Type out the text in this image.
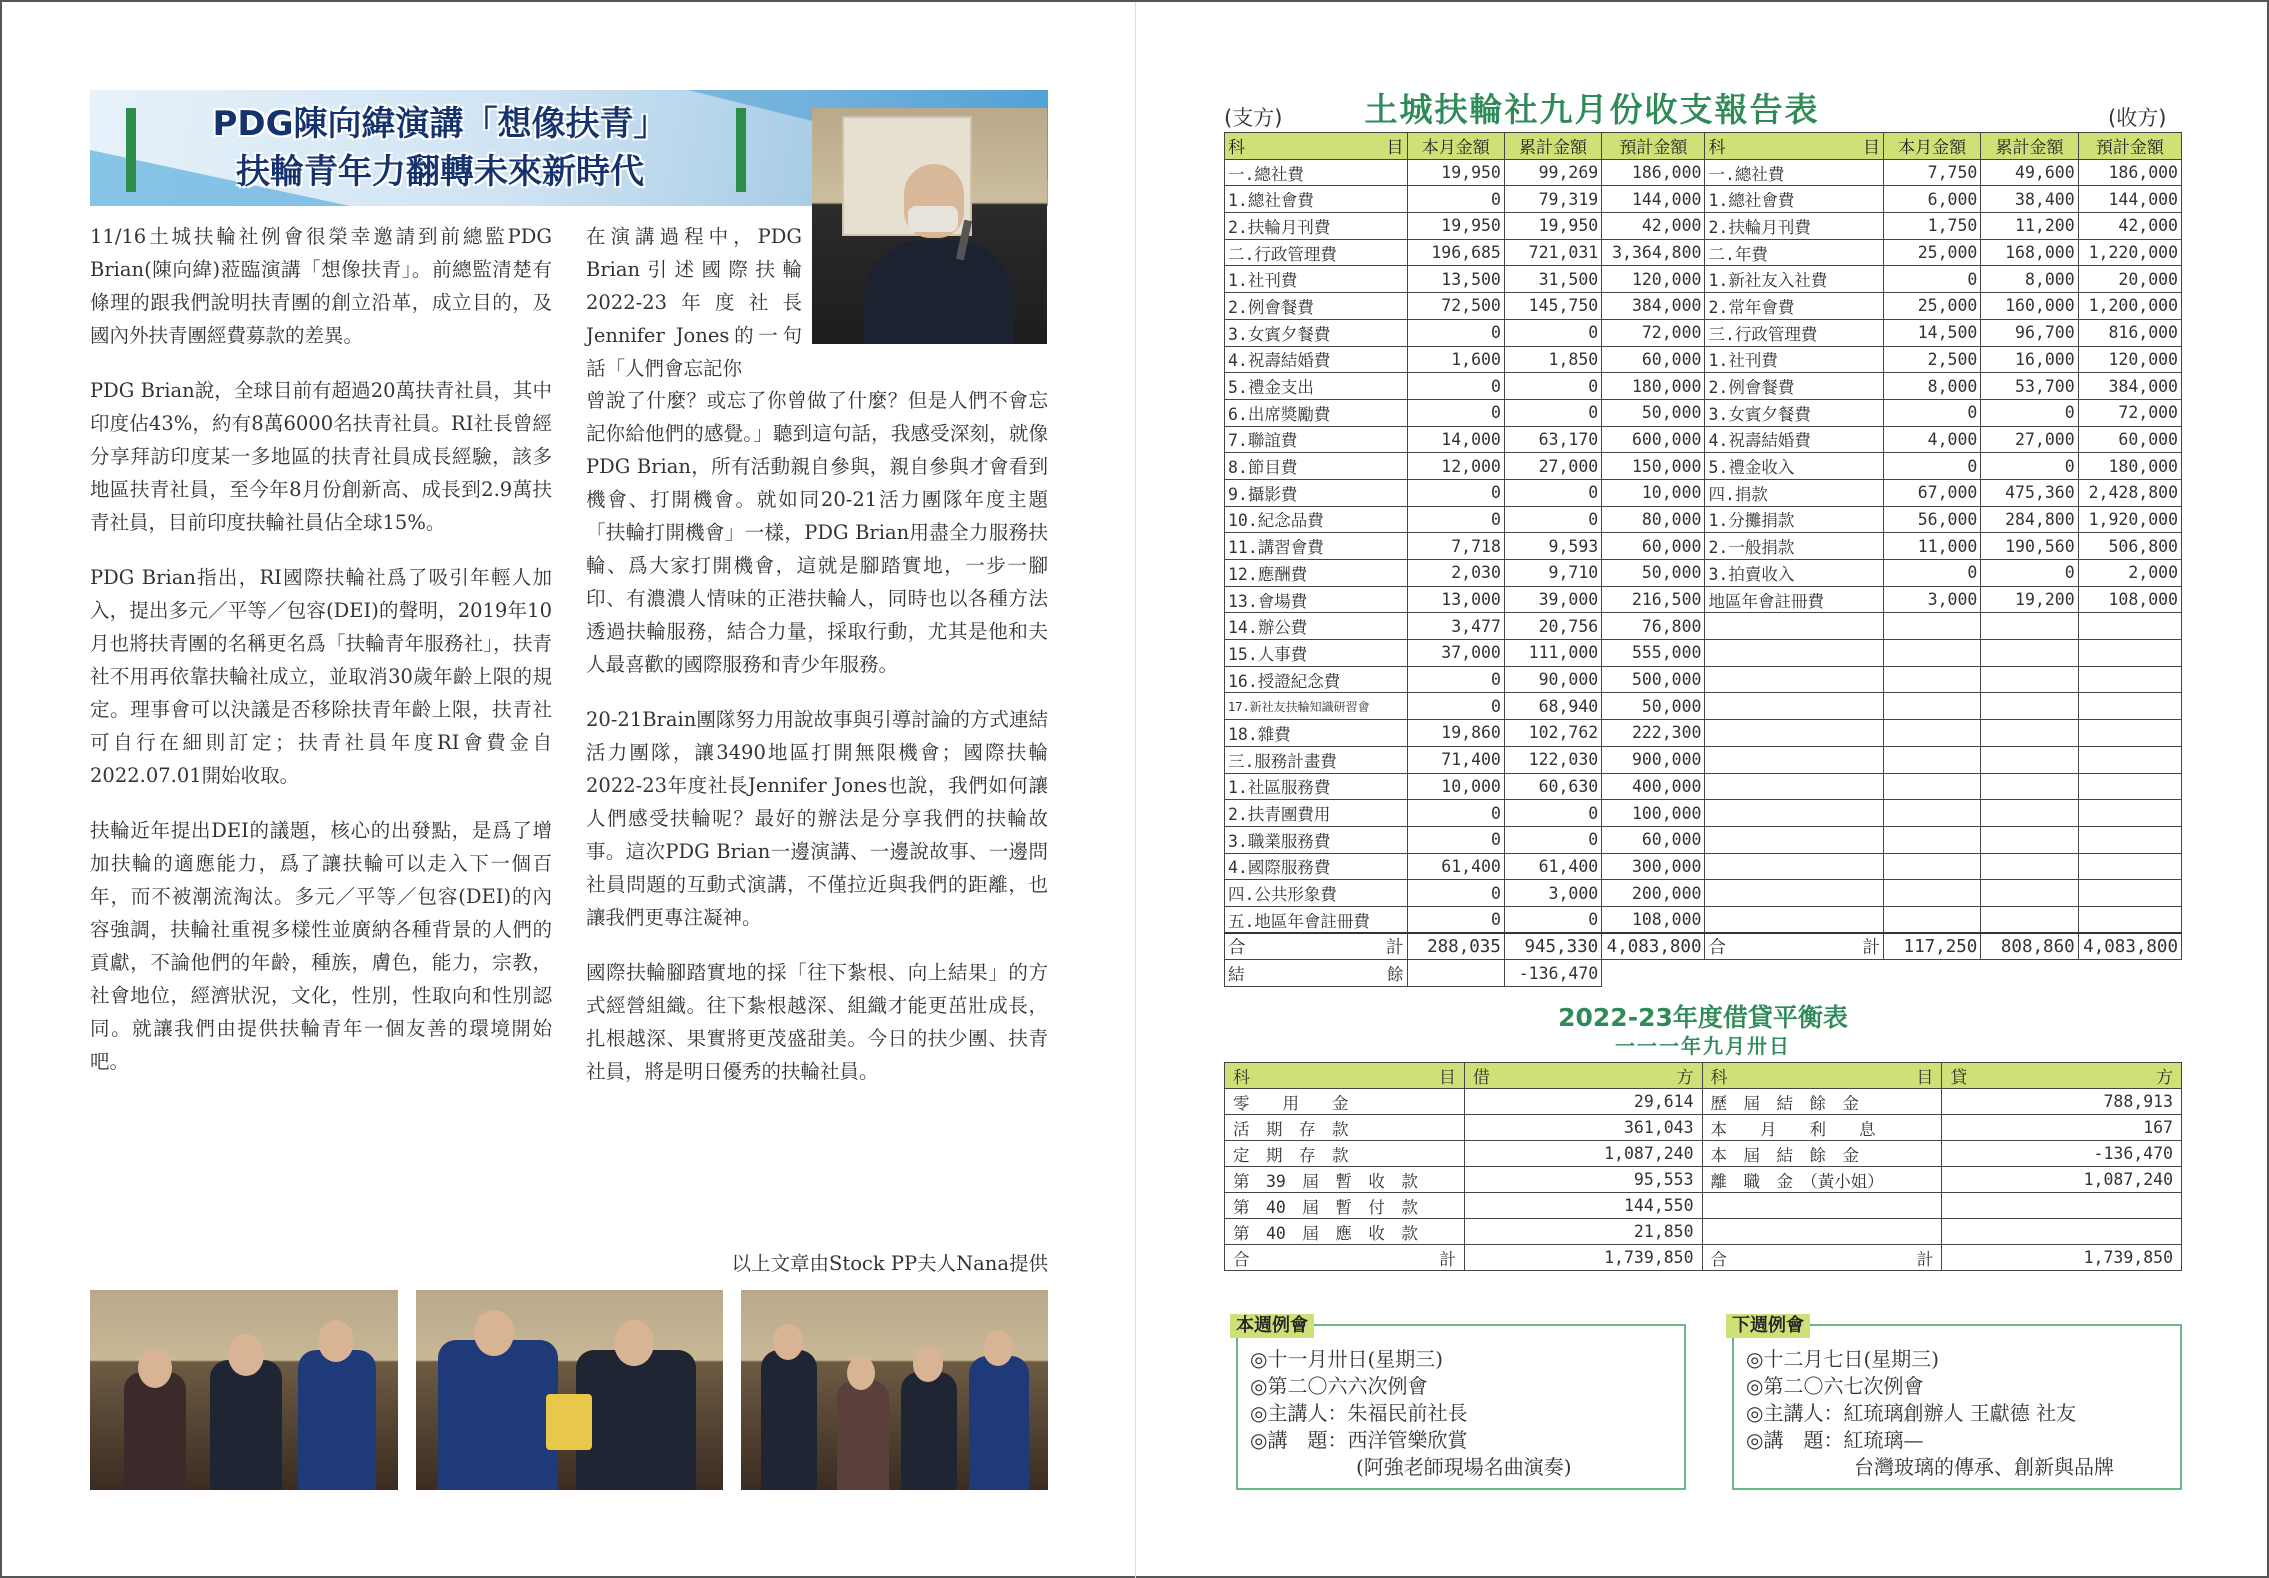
PDG陳向緯演講「想像扶青」
扶輪青年力翻轉未來新時代

11/16土城扶輪社例會很榮幸邀請到前總監PDG Brian(陳向緯)蒞臨演講「想像扶青」。前總監清楚有條理的跟我們說明扶青團的創立沿革，成立目的，及國內外扶青團經費募款的差異。

PDG Brian說，全球目前有超過20萬扶青社員，其中印度佔43%，約有8萬6000名扶青社員。RI社長曾經分享拜訪印度某一多地區的扶青社員成長經驗，該多地區扶青社員，至今年8月份創新高、成長到2.9萬扶青社員，目前印度扶輪社員佔全球15%。

PDG Brian指出，RI國際扶輪社爲了吸引年輕人加入，提出多元／平等／包容(DEI)的聲明，2019年10月也將扶青團的名稱更名爲「扶輪青年服務社」，扶青社不用再依靠扶輪社成立，並取消30歲年齡上限的規定。理事會可以決議是否移除扶青年齡上限，扶青社可自行在細則訂定；扶青社員年度RI會費金自2022.07.01開始收取。

扶輪近年提出DEI的議題，核心的出發點，是爲了增加扶輪的適應能力，爲了讓扶輪可以走入下一個百年，而不被潮流淘汰。多元／平等／包容(DEI)的內容強調，扶輪社重視多樣性並廣納各種背景的人們的貢獻，不論他們的年齡，種族，膚色，能力，宗教，社會地位，經濟狀況，文化，性別，性取向和性別認同。就讓我們由提供扶輪青年一個友善的環境開始吧。

在演講過程中，PDG Brian引述國際扶輪2022-23年度社長Jennifer Jones的一句話「人們會忘記你

曾說了什麼？或忘了你曾做了什麼？但是人們不會忘記你給他們的感覺。」聽到這句話，我感受深刻，就像PDG Brian，所有活動親自參與，親自參與才會看到機會、打開機會。就如同20-21活力團隊年度主題「扶輪打開機會」一樣，PDG Brian用盡全力服務扶輪、爲大家打開機會，這就是腳踏實地，一步一腳印、有濃濃人情味的正港扶輪人，同時也以各種方法透過扶輪服務，結合力量，採取行動，尤其是他和夫人最喜歡的國際服務和青少年服務。

20-21Brain團隊努力用說故事與引導討論的方式連結活力團隊，讓3490地區打開無限機會；國際扶輪2022-23年度社長Jennifer Jones也說，我們如何讓人們感受扶輪呢？最好的辦法是分享我們的扶輪故事。這次PDG Brian一邊演講、一邊說故事、一邊問社員問題的互動式演講，不僅拉近與我們的距離，也讓我們更專注凝神。

國際扶輪腳踏實地的採「往下紮根、向上結果」的方式經營組織。往下紮根越深、組織才能更茁壯成長，扎根越深、果實將更茂盛甜美。今日的扶少團、扶青社員，將是明日優秀的扶輪社員。

以上文章由Stock PP夫人Nana提供
(支方)	土城扶輪社九月份收支報告表	(收方)
科 目	本月金額	累計金額	預計金額	科 目	本月金額	累計金額	預計金額
一.總社費	19,950	99,269	186,000	一.總社費	7,750	49,600	186,000
1.總社會費	0	79,319	144,000	1.總社會費	6,000	38,400	144,000
2.扶輪月刊費	19,950	19,950	42,000	2.扶輪月刊費	1,750	11,200	42,000
二.行政管理費	196,685	721,031	3,364,800	二.年費	25,000	168,000	1,220,000
1.社刊費	13,500	31,500	120,000	1.新社友入社費	0	8,000	20,000
2.例會餐費	72,500	145,750	384,000	2.常年會費	25,000	160,000	1,200,000
3.女賓夕餐費	0	0	72,000	三.行政管理費	14,500	96,700	816,000
4.祝壽結婚費	1,600	1,850	60,000	1.社刊費	2,500	16,000	120,000
5.禮金支出	0	0	180,000	2.例會餐費	8,000	53,700	384,000
6.出席獎勵費	0	0	50,000	3.女賓夕餐費	0	0	72,000
7.聯誼費	14,000	63,170	600,000	4.祝壽結婚費	4,000	27,000	60,000
8.節目費	12,000	27,000	150,000	5.禮金收入	0	0	180,000
9.攝影費	0	0	10,000	四.捐款	67,000	475,360	2,428,800
10.紀念品費	0	0	80,000	1.分攤捐款	56,000	284,800	1,920,000
11.講習會費	7,718	9,593	60,000	2.一般捐款	11,000	190,560	506,800
12.應酬費	2,030	9,710	50,000	3.拍賣收入	0	0	2,000
13.會場費	13,000	39,000	216,500	地區年會註冊費	3,000	19,200	108,000
14.辦公費	3,477	20,756	76,800				
15.人事費	37,000	111,000	555,000				
16.授證紀念費	0	90,000	500,000				
17.新社友扶輪知識研習會	0	68,940	50,000				
18.雜費	19,860	102,762	222,300				
三.服務計畫費	71,400	122,030	900,000				
1.社區服務費	10,000	60,630	400,000				
2.扶青團費用	0	0	100,000				
3.職業服務費	0	0	60,000				
4.國際服務費	61,400	61,400	300,000				
四.公共形象費	0	3,000	200,000				
五.地區年會註冊費	0	0	108,000				
合 計	288,035	945,330	4,083,800	合 計	117,250	808,860	4,083,800
結 餘		-136,470					
2022-23年度借貸平衡表
一一一年九月卅日
科 目	借 方	科 目	貸 方

零　　用　　金	29,614	歷　屆　結　餘　金	788,913
活　期　存　款	361,043	本　　月　　利　　息	167
定　期　存　款	1,087,240	本　屆　結　餘　金	-136,470
第　39　屆　暫　收　款	95,553	離　職　金　（黃小姐）	1,087,240
第　40　屆　暫　付　款	144,550		
第　40　屆　應　收　款	21,850		
合 計	1,739,850	合 計	1,739,850
本週例會
◎十一月卅日(星期三)
◎第二〇六六次例會
◎主講人：朱福民前社長
◎講　題：西洋管樂欣賞
(阿強老師現場名曲演奏)
下週例會
◎十二月七日(星期三)
◎第二〇六七次例會
◎主講人：紅琉璃創辦人 王獻德 社友
◎講　題：紅琉璃—
台灣玻璃的傳承、創新與品牌
